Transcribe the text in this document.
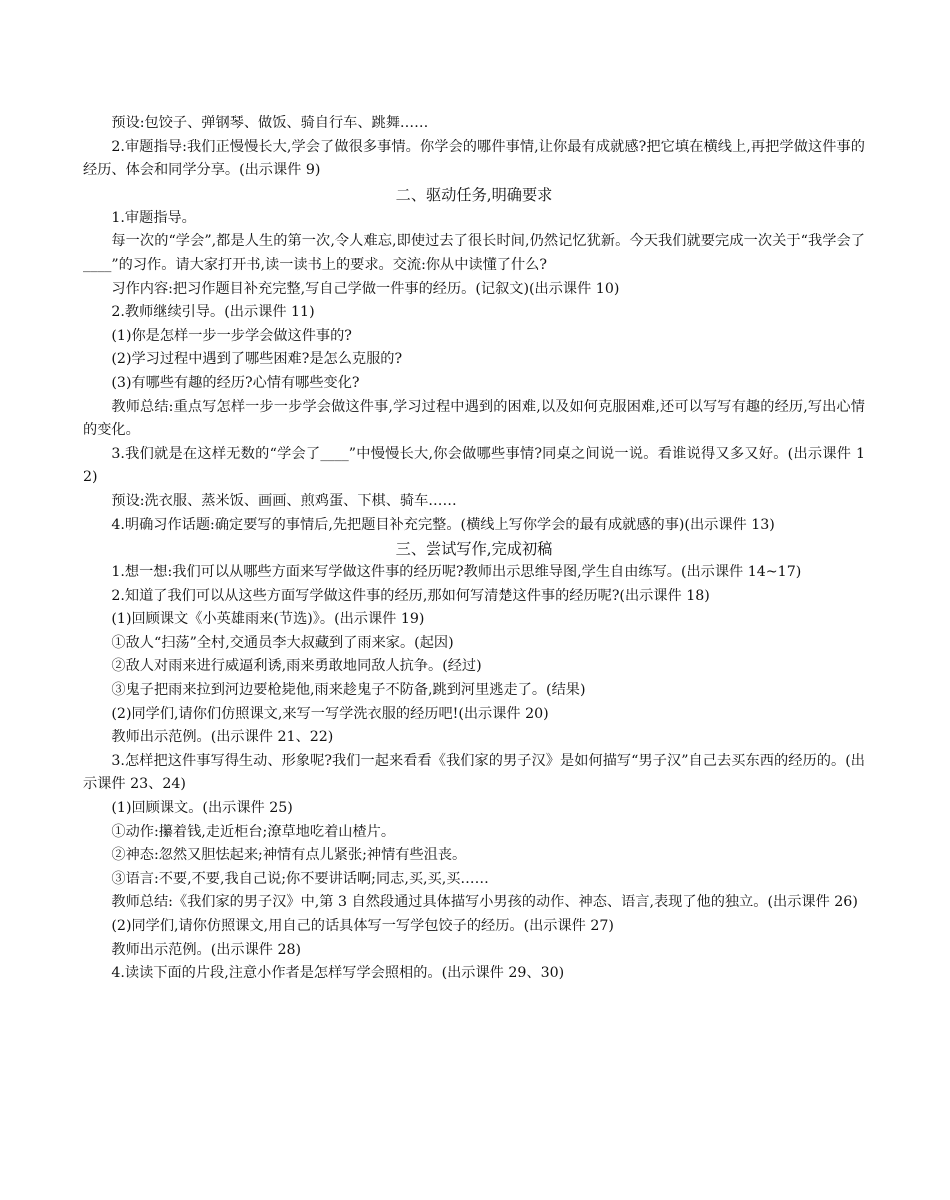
预设:包饺子、弹钢琴、做饭、骑自行车、跳舞……

2.审题指导:我们正慢慢长大,学会了做很多事情。你学会的哪件事情,让你最有成就感?把它填在横线上,再把学做这件事的经历、体会和同学分享。(出示课件 9)

二、驱动任务,明确要求

1.审题指导。

每一次的“学会”,都是人生的第一次,令人难忘,即使过去了很长时间,仍然记忆犹新。今天我们就要完成一次关于“我学会了____”的习作。请大家打开书,读一读书上的要求。交流:你从中读懂了什么?

习作内容:把习作题目补充完整,写自己学做一件事的经历。(记叙文)(出示课件 10)

2.教师继续引导。(出示课件 11)

(1)你是怎样一步一步学会做这件事的?

(2)学习过程中遇到了哪些困难?是怎么克服的?

(3)有哪些有趣的经历?心情有哪些变化?

教师总结:重点写怎样一步一步学会做这件事,学习过程中遇到的困难,以及如何克服困难,还可以写写有趣的经历,写出心情的变化。

3.我们就是在这样无数的“学会了____”中慢慢长大,你会做哪些事情?同桌之间说一说。看谁说得又多又好。(出示课件 12)

预设:洗衣服、蒸米饭、画画、煎鸡蛋、下棋、骑车……

4.明确习作话题:确定要写的事情后,先把题目补充完整。(横线上写你学会的最有成就感的事)(出示课件 13)

三、尝试写作,完成初稿

1.想一想:我们可以从哪些方面来写学做这件事的经历呢?教师出示思维导图,学生自由练写。(出示课件 14~17)

2.知道了我们可以从这些方面写学做这件事的经历,那如何写清楚这件事的经历呢?(出示课件 18)

(1)回顾课文《小英雄雨来(节选)》。(出示课件 19)

①敌人“扫荡”全村,交通员李大叔藏到了雨来家。(起因)

②敌人对雨来进行威逼利诱,雨来勇敢地同敌人抗争。(经过)

③鬼子把雨来拉到河边要枪毙他,雨来趁鬼子不防备,跳到河里逃走了。(结果)

(2)同学们,请你们仿照课文,来写一写学洗衣服的经历吧!(出示课件 20)

教师出示范例。(出示课件 21、22)

3.怎样把这件事写得生动、形象呢?我们一起来看看《我们家的男子汉》是如何描写“男子汉”自己去买东西的经历的。(出示课件 23、24)

(1)回顾课文。(出示课件 25)

①动作:攥着钱,走近柜台;潦草地吃着山楂片。

②神态:忽然又胆怯起来;神情有点儿紧张;神情有些沮丧。

③语言:不要,不要,我自己说;你不要讲话啊;同志,买,买,买……

教师总结:《我们家的男子汉》中,第 3 自然段通过具体描写小男孩的动作、神态、语言,表现了他的独立。(出示课件 26)

(2)同学们,请你仿照课文,用自己的话具体写一写学包饺子的经历。(出示课件 27)

教师出示范例。(出示课件 28)

4.读读下面的片段,注意小作者是怎样写学会照相的。(出示课件 29、30)
